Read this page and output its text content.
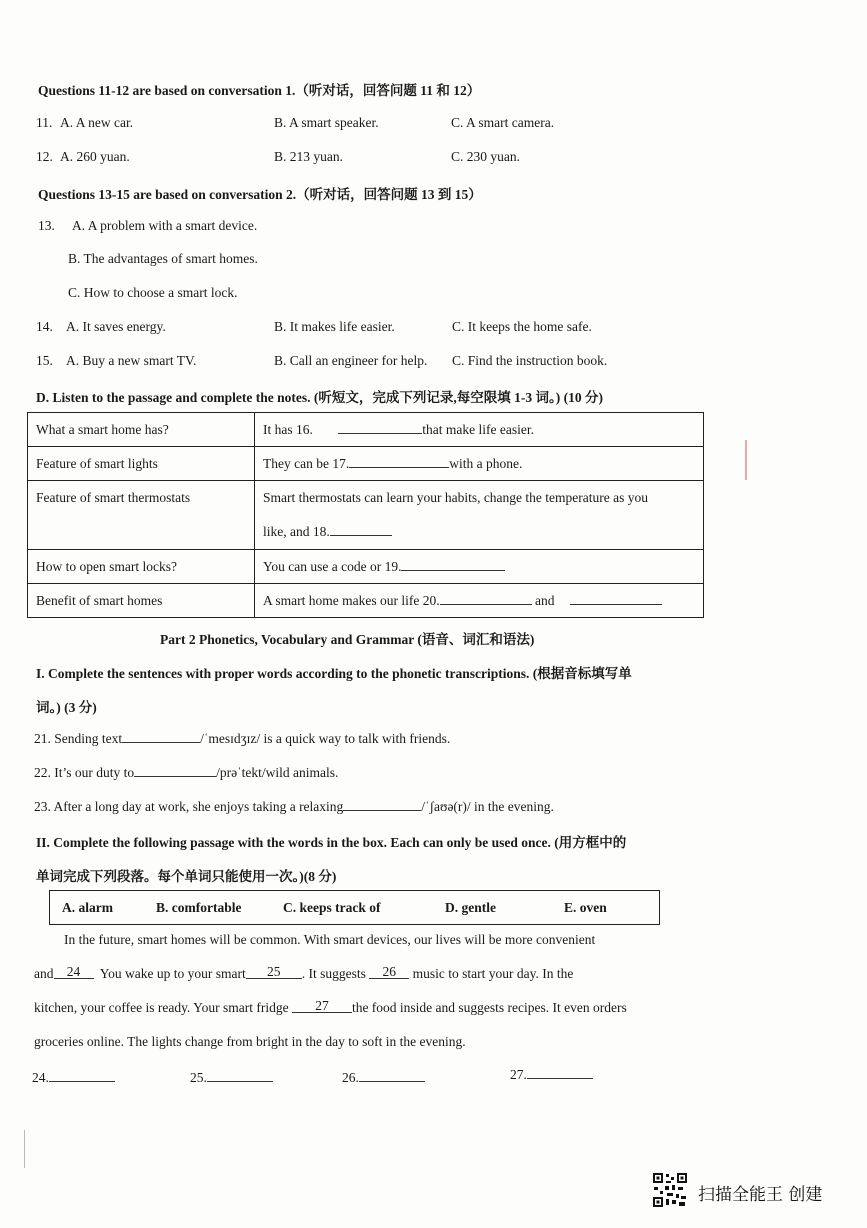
Questions 11-12 are based on conversation 1.（听对话，回答问题 11 和 12）
11. A. A new car.	B. A smart speaker.	C. A smart camera.
12. A. 260 yuan.	B. 213 yuan.	C. 230 yuan.
Questions 13-15 are based on conversation 2.（听对话，回答问题 13 到 15）
13. A. A problem with a smart device.
B. The advantages of smart homes.
C. How to choose a smart lock.
14. A. It saves energy.	B. It makes life easier.	C. It keeps the home safe.
15. A. Buy a new smart TV.	B. Call an engineer for help. C. Find the instruction book.
D. Listen to the passage and complete the notes. (听短文，完成下列记录,每空限填 1-3 词。) (10 分)
What a smart home has?	It has 16. that make life easier.
Feature of smart lights	They can be 17. with a phone.
Feature of smart thermostats	Smart thermostats can learn your habits, change the temperature as you
like, and 18.
How to open smart locks?	You can use a code or 19.
Benefit of smart homes	A smart home makes our life 20. and
Part 2 Phonetics, Vocabulary and Grammar (语音、词汇和语法)
I. Complete the sentences with proper words according to the phonetic transcriptions. (根据音标填写单
词。) (3 分)
21. Sending text	/ˈmesɪdʒɪz/ is a quick way to talk with friends.
22. It’s our duty to	/prəˈtekt/wild animals.
23. After a long day at work, she enjoys taking a relaxing	/ˈʃaʊə(r)/ in the evening.
II. Complete the following passage with the words in the box. Each can only be used once. (用方框中的
单词完成下列段落。每个单词只能使用一次。)(8 分)
A. alarm	B. comfortable	C. keeps track of	D. gentle	E. oven
In the future, smart homes will be common. With smart devices, our lives will be more convenient
and 24 You wake up to your smart 25 . It suggests 26 music to start your day. In the
kitchen, your coffee is ready. Your smart fridge 27 the food inside and suggests recipes. It even orders
groceries online. The lights change from bright in the day to soft in the evening.
24.	25.	26.	27.
扫描全能王 创建
